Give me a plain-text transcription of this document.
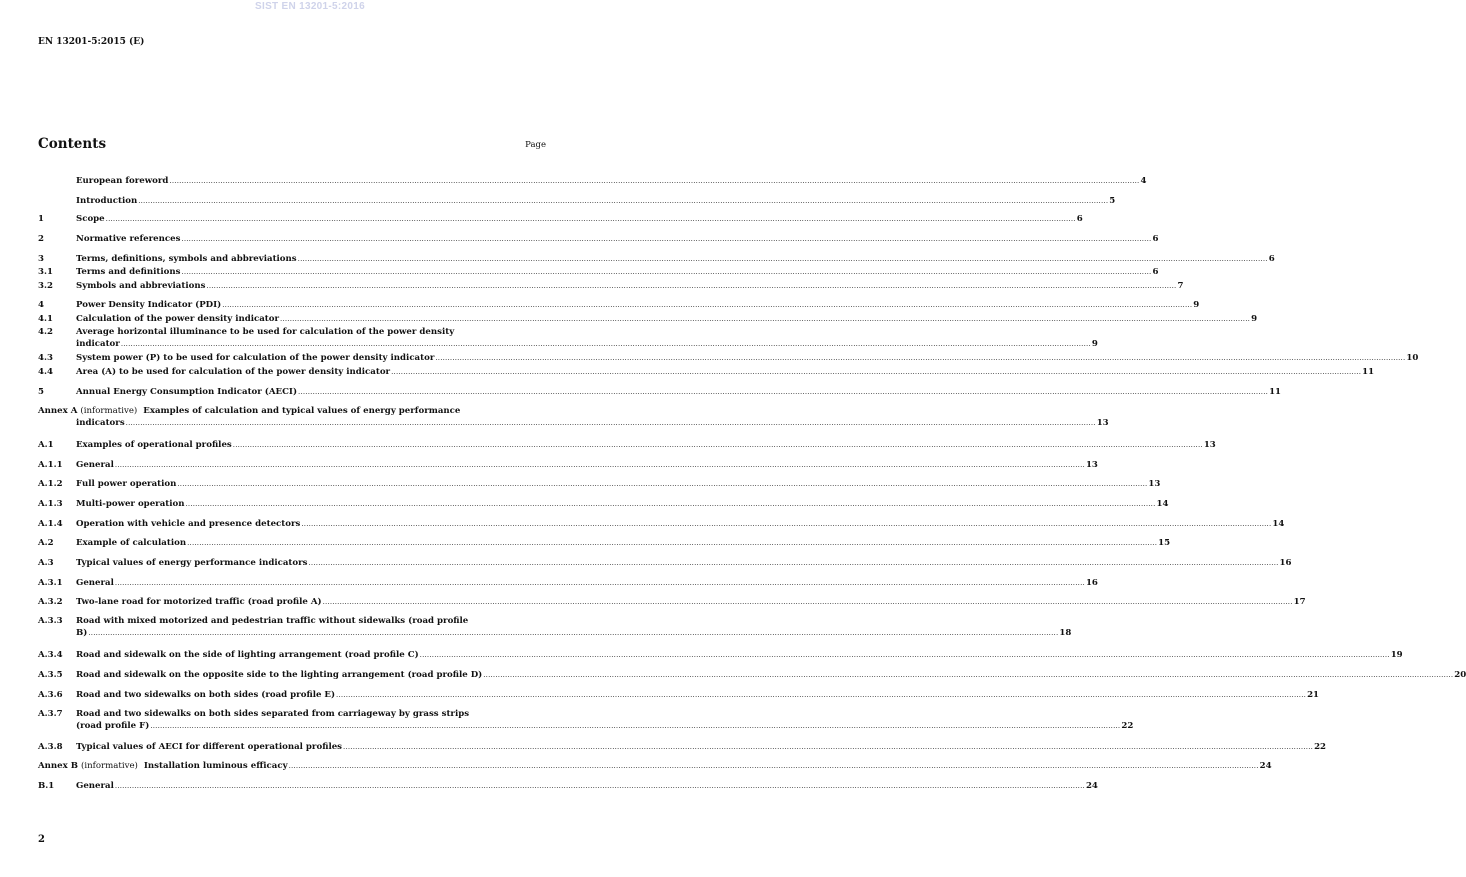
SIST EN 13201-5:2016
EN 13201-5:2015 (E)
Contents	Page
European foreword ................................................................................................................................................................................................................................................................................................................................................................................................................ 4
Introduction ................................................................................................................................................................................................................................................................................................................................................................................................................ 5
1	Scope ................................................................................................................................................................................................................................................................................................................................................................................................................ 6
2	Normative references ................................................................................................................................................................................................................................................................................................................................................................................................................ 6
3	Terms, definitions, symbols and abbreviations ................................................................................................................................................................................................................................................................................................................................................................................................................ 6
3.1	Terms and definitions ................................................................................................................................................................................................................................................................................................................................................................................................................ 6
3.2	Symbols and abbreviations ................................................................................................................................................................................................................................................................................................................................................................................................................ 7
4	Power Density Indicator (PDI) ................................................................................................................................................................................................................................................................................................................................................................................................................ 9
4.1	Calculation of the power density indicator ................................................................................................................................................................................................................................................................................................................................................................................................................ 9
4.2	Average horizontal illuminance to be used for calculation of the power density
indicator ................................................................................................................................................................................................................................................................................................................................................................................................................ 9
4.3	System power (P) to be used for calculation of the power density indicator ................................................................................................................................................................................................................................................................................................................................................................................................................ 10
4.4	Area (A) to be used for calculation of the power density indicator ................................................................................................................................................................................................................................................................................................................................................................................................................ 11
5	Annual Energy Consumption Indicator (AECI) ................................................................................................................................................................................................................................................................................................................................................................................................................ 11
Annex A (informative) Examples of calculation and typical values of energy performance
indicators ................................................................................................................................................................................................................................................................................................................................................................................................................ 13
A.1	Examples of operational profiles ................................................................................................................................................................................................................................................................................................................................................................................................................ 13
A.1.1 General ................................................................................................................................................................................................................................................................................................................................................................................................................ 13
A.1.2 Full power operation ................................................................................................................................................................................................................................................................................................................................................................................................................ 13
A.1.3 Multi-power operation ................................................................................................................................................................................................................................................................................................................................................................................................................ 14
A.1.4 Operation with vehicle and presence detectors ................................................................................................................................................................................................................................................................................................................................................................................................................ 14
A.2	Example of calculation ................................................................................................................................................................................................................................................................................................................................................................................................................ 15
A.3	Typical values of energy performance indicators ................................................................................................................................................................................................................................................................................................................................................................................................................ 16
A.3.1 General ................................................................................................................................................................................................................................................................................................................................................................................................................ 16
A.3.2 Two-lane road for motorized traffic (road profile A) ................................................................................................................................................................................................................................................................................................................................................................................................................ 17
A.3.3 Road with mixed motorized and pedestrian traffic without sidewalks (road profile
B) ................................................................................................................................................................................................................................................................................................................................................................................................................ 18
A.3.4 Road and sidewalk on the side of lighting arrangement (road profile C) ................................................................................................................................................................................................................................................................................................................................................................................................................ 19
A.3.5 Road and sidewalk on the opposite side to the lighting arrangement (road profile D) ................................................................................................................................................................................................................................................................................................................................................................................................................ 20
A.3.6 Road and two sidewalks on both sides (road profile E) ................................................................................................................................................................................................................................................................................................................................................................................................................ 21
A.3.7 Road and two sidewalks on both sides separated from carriageway by grass strips
(road profile F) ................................................................................................................................................................................................................................................................................................................................................................................................................ 22
A.3.8 Typical values of AECI for different operational profiles ................................................................................................................................................................................................................................................................................................................................................................................................................ 22
Annex B (informative) Installation luminous efficacy ................................................................................................................................................................................................................................................................................................................................................................................................................ 24
B.1	General ................................................................................................................................................................................................................................................................................................................................................................................................................ 24
2
